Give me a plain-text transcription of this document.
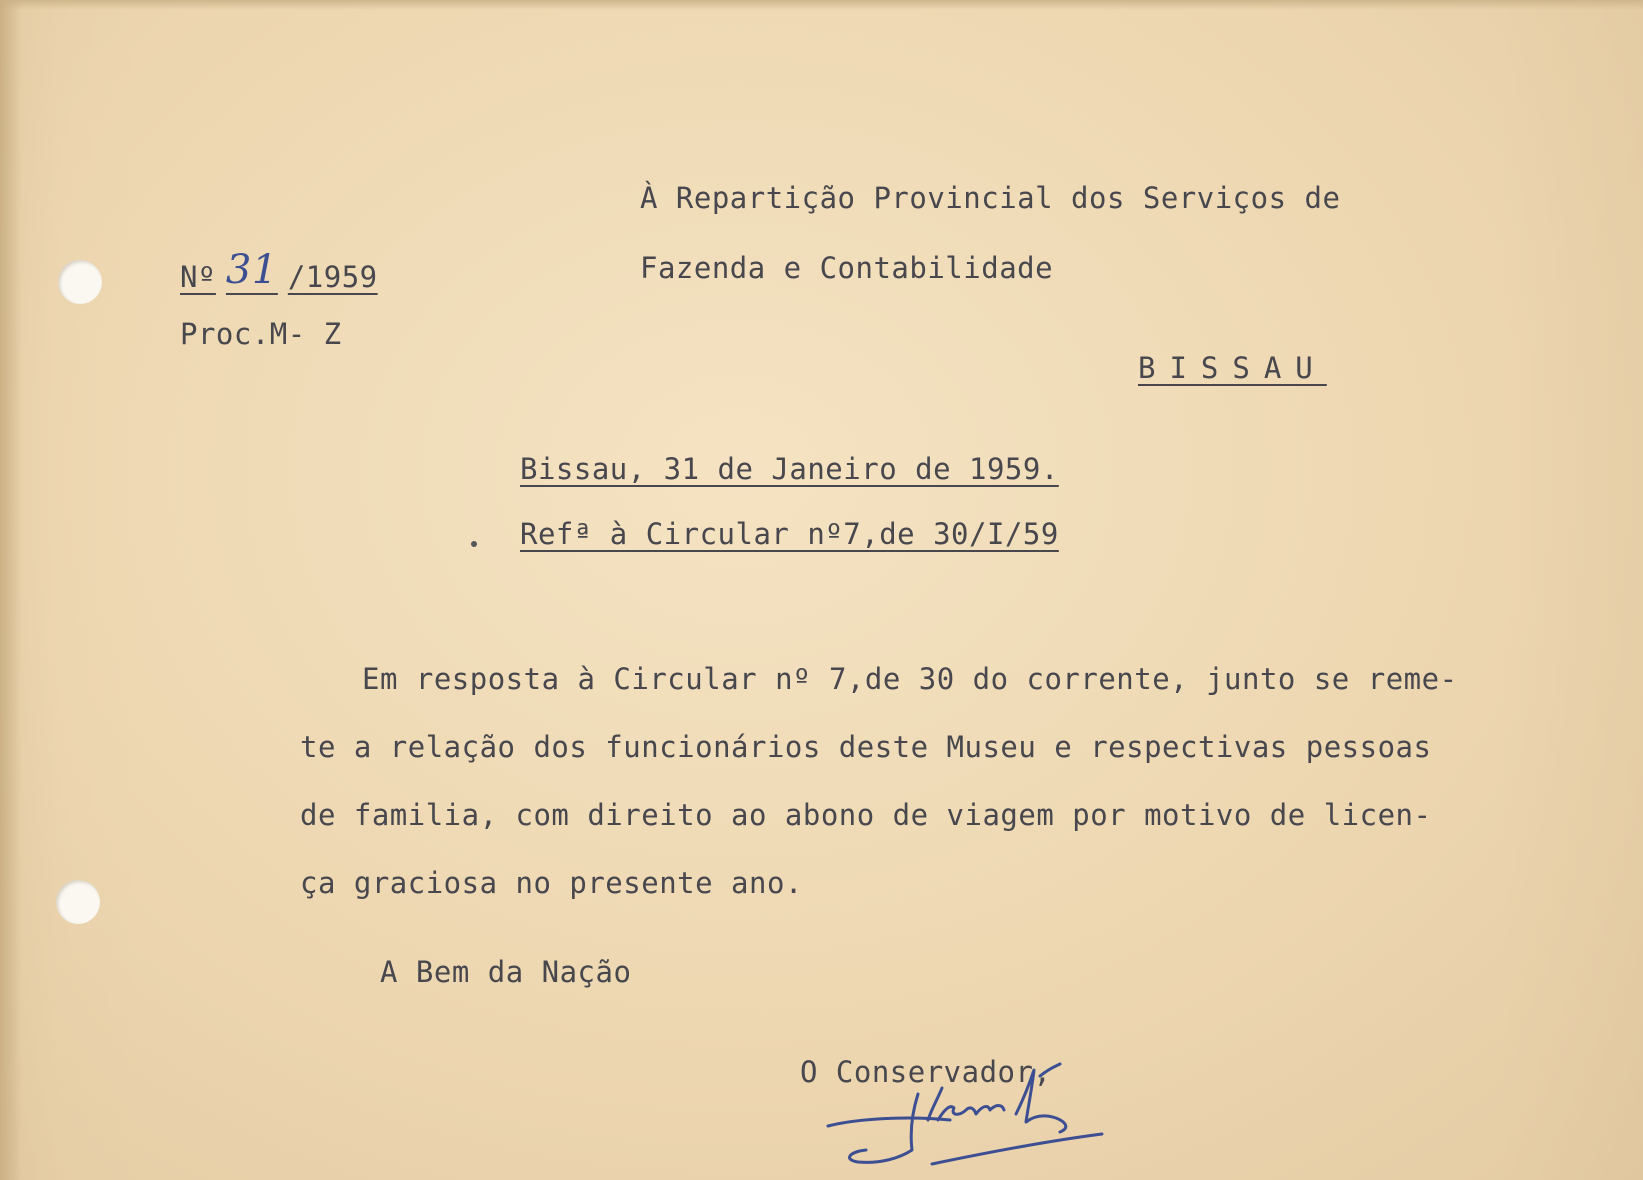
À Repartição Provincial dos Serviços de
Fazenda e Contabilidade
BISSAU
Nº 31 /1959
Proc.M- Z
Bissau, 31 de Janeiro de 1959.
Refª à Circular nº7,de 30/I/59
Em resposta à Circular nº 7,de 30 do corrente, junto se reme-
te a relação dos funcionários deste Museu e respectivas pessoas
de familia, com direito ao abono de viagem por motivo de licen-
ça graciosa no presente ano.
A Bem da Nação
O Conservador,
